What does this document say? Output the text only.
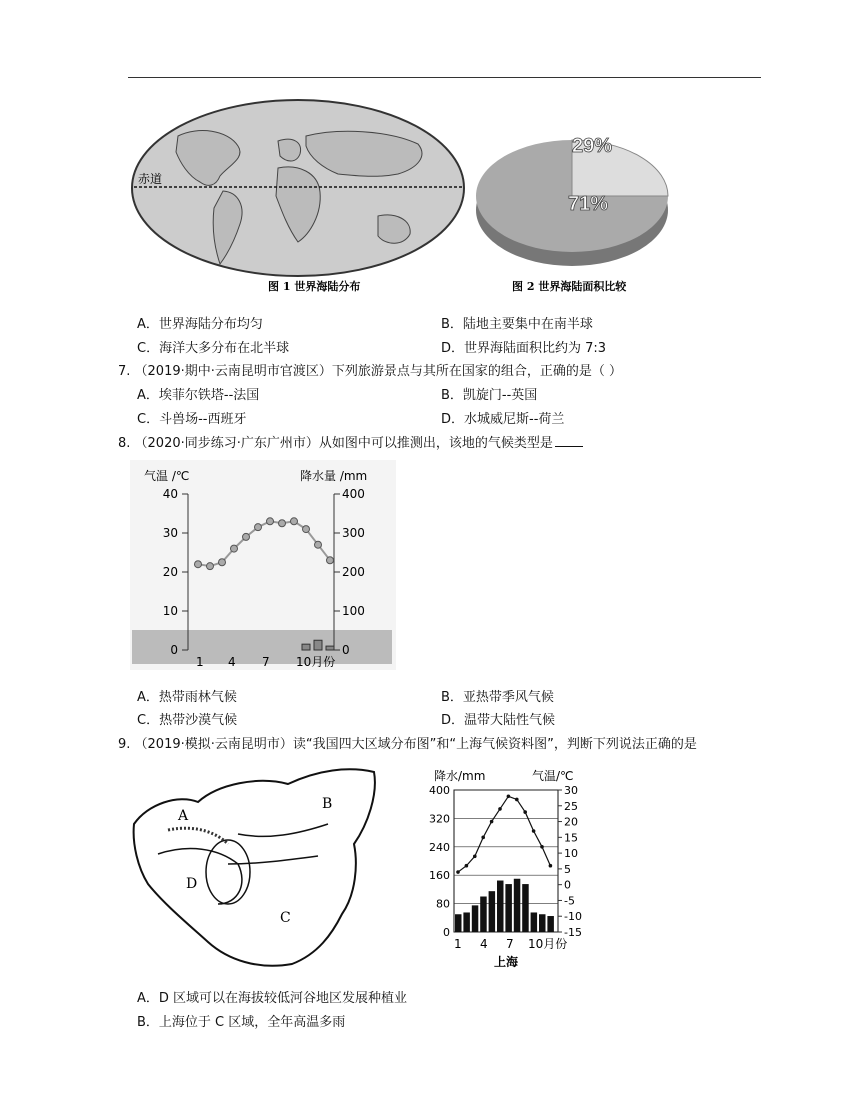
赤道
图 1 世界海陆分布
29%
71%
图 2 世界海陆面积比较
A．世界海陆分布均匀	B．陆地主要集中在南半球
C．海洋大多分布在北半球	D．世界海陆面积比约为 7:3
7. （2019·期中·云南昆明市官渡区）下列旅游景点与其所在国家的组合，正确的是（ ）
A．埃菲尔铁塔--法国	B．凯旋门--英国
C．斗兽场--西班牙	D．水城威尼斯--荷兰
8. （2020·同步练习·广东广州市）从如图中可以推测出，该地的气候类型是
气温 /℃	降水量 /mm
40
30
20
10
0
400
300
200
100
0
1 4 7 10月份
A．热带雨林气候	B．亚热带季风气候
C．热带沙漠气候	D．温带大陆性气候
9. （2019·模拟·云南昆明市）读“我国四大区域分布图”和“上海气候资料图”，判断下列说法正确的是
A
B
C
D
降水/mm	气温/℃
400
320
240
160
80
0
30
25
20
15
10
5
0
-5
-10
-15
1 4 7 10月份
上海
A．D 区域可以在海拔较低河谷地区发展种植业
B．上海位于 C 区域，全年高温多雨
